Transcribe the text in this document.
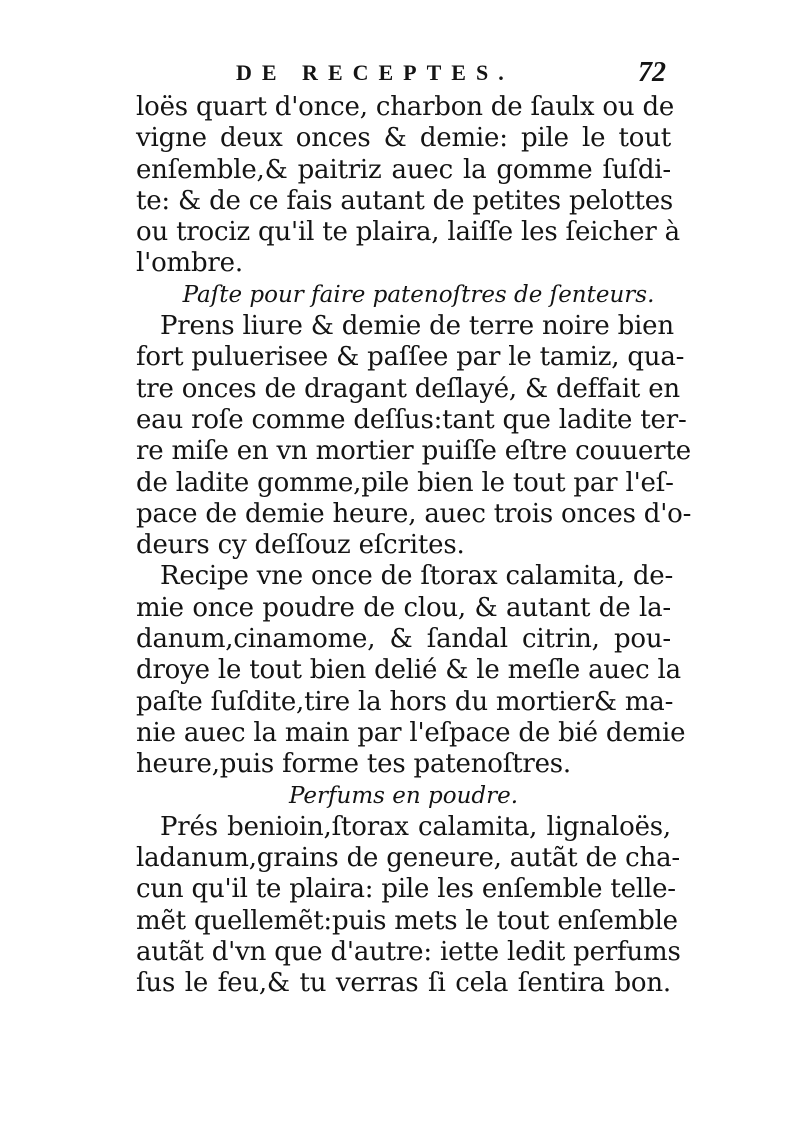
DE RECEPTES.	72
loës quart d'once, charbon de ſaulx ou de
vigne deux onces & demie: pile le tout
enſemble,& paitriz auec la gomme ſuſdi-
te: & de ce fais autant de petites pelottes
ou trociz qu'il te plaira, laiſſe les ſeicher à
l'ombre.
Paſte pour faire patenoſtres de ſenteurs.
Prens liure & demie de terre noire bien
fort puluerisee & paſſee par le tamiz, qua-
tre onces de dragant deſlayé, & deffait en
eau roſe comme deſſus:tant que ladite ter-
re miſe en vn mortier puiſſe eſtre couuerte
de ladite gomme,pile bien le tout par l'eſ-
pace de demie heure, auec trois onces d'o-
deurs cy deſſouz eſcrites.
Recipe vne once de ſtorax calamita, de-
mie once poudre de clou, & autant de la-
danum,cinamome, & ſandal citrin, pou-
droye le tout bien delié & le meſle auec la
paſte ſuſdite,tire la hors du mortier& ma-
nie auec la main par l'eſpace de bié demie
heure,puis forme tes patenoſtres.
Perfums en poudre.
Prés benioin,ſtorax calamita, lignaloës,
ladanum,grains de geneure, autãt de cha-
cun qu'il te plaira: pile les enſemble telle-
mẽt quellemẽt:puis mets le tout enſemble
autãt d'vn que d'autre: iette ledit perfums
ſus le feu,& tu verras ſi cela ſentira bon.
